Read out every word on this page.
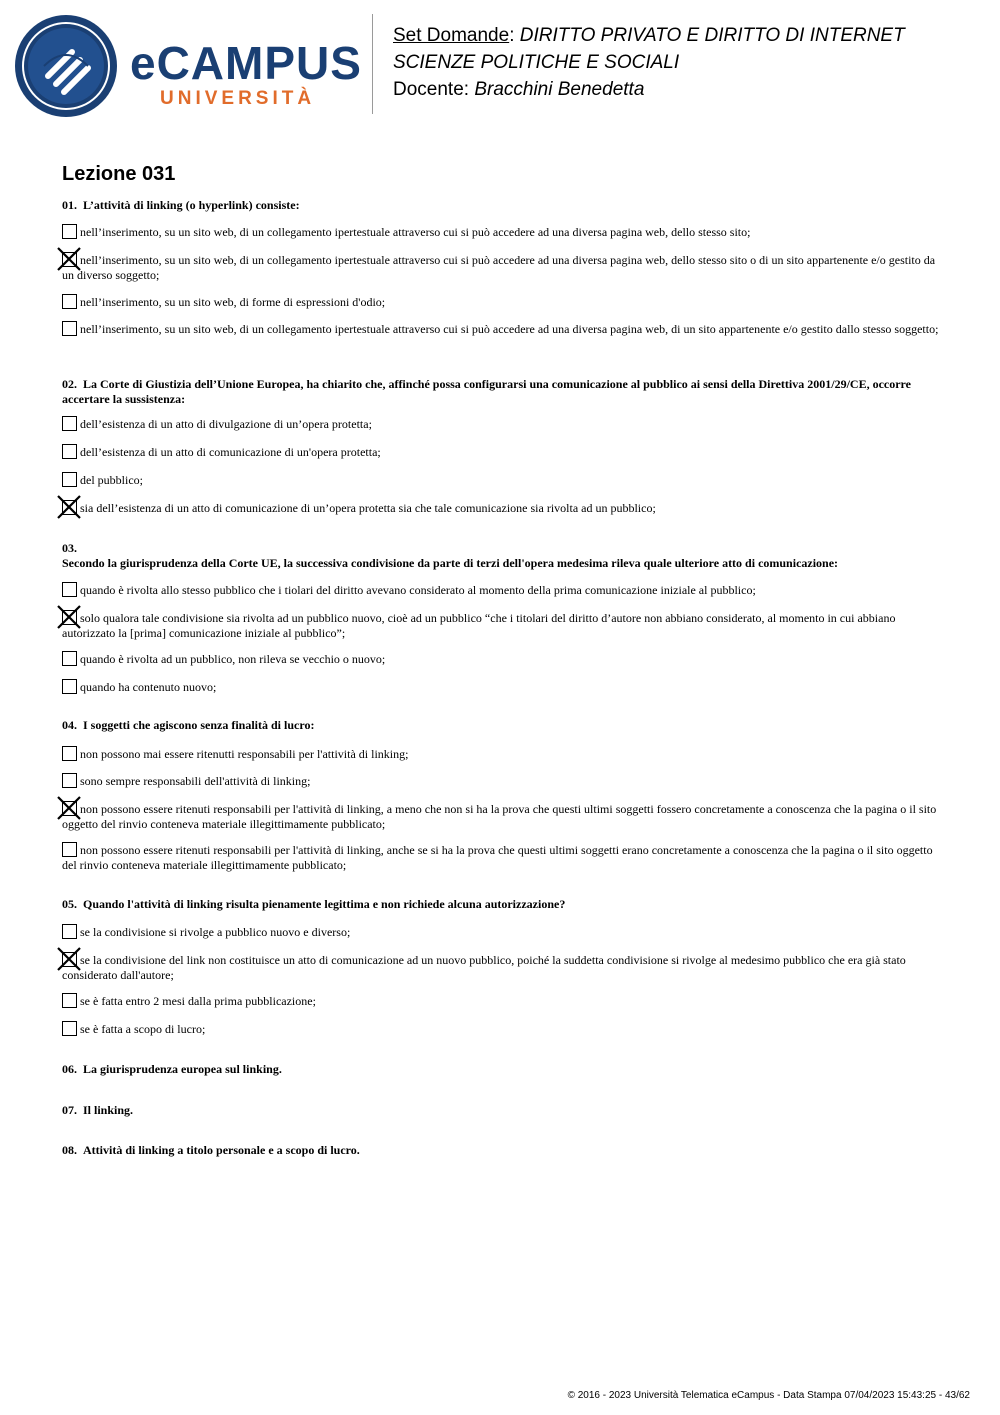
eCAMPUS
UNIVERSITÀ
Set Domande: DIRITTO PRIVATO E DIRITTO DI INTERNET
SCIENZE POLITICHE E SOCIALI
Docente: Bracchini Benedetta
Lezione 031
01. L’attività di linking (o hyperlink) consiste:
nell’inserimento, su un sito web, di un collegamento ipertestuale attraverso cui si può accedere ad una diversa pagina web, dello stesso sito;
nell’inserimento, su un sito web, di un collegamento ipertestuale attraverso cui si può accedere ad una diversa pagina web, dello stesso sito o di un sito appartenente e/o gestito da un diverso soggetto;
nell’inserimento, su un sito web, di forme di espressioni d'odio;
nell’inserimento, su un sito web, di un collegamento ipertestuale attraverso cui si può accedere ad una diversa pagina web, di un sito appartenente e/o gestito dallo stesso soggetto;
02. La Corte di Giustizia dell’Unione Europea, ha chiarito che, affinché possa configurarsi una comunicazione al pubblico ai sensi della Direttiva 2001/29/CE, occorre accertare la sussistenza:
dell’esistenza di un atto di divulgazione di un’opera protetta;
dell’esistenza di un atto di comunicazione di un'opera protetta;
del pubblico;
sia dell’esistenza di un atto di comunicazione di un’opera protetta sia che tale comunicazione sia rivolta ad un pubblico;
03.
Secondo la giurisprudenza della Corte UE, la successiva condivisione da parte di terzi dell'opera medesima rileva quale ulteriore atto di comunicazione:
quando è rivolta allo stesso pubblico che i tiolari del diritto avevano considerato al momento della prima comunicazione iniziale al pubblico;
solo qualora tale condivisione sia rivolta ad un pubblico nuovo, cioè ad un pubblico “che i titolari del diritto d’autore non abbiano considerato, al momento in cui abbiano autorizzato la [prima] comunicazione iniziale al pubblico”;
quando è rivolta ad un pubblico, non rileva se vecchio o nuovo;
quando ha contenuto nuovo;
04. I soggetti che agiscono senza finalità di lucro:
non possono mai essere ritenutti responsabili per l'attività di linking;
sono sempre responsabili dell'attività di linking;
non possono essere ritenuti responsabili per l'attività di linking, a meno che non si ha la prova che questi ultimi soggetti fossero concretamente a conoscenza che la pagina o il sito oggetto del rinvio conteneva materiale illegittimamente pubblicato;
non possono essere ritenuti responsabili per l'attività di linking, anche se si ha la prova che questi ultimi soggetti erano concretamente a conoscenza che la pagina o il sito oggetto del rinvio conteneva materiale illegittimamente pubblicato;
05. Quando l'attività di linking risulta pienamente legittima e non richiede alcuna autorizzazione?
se la condivisione si rivolge a pubblico nuovo e diverso;
se la condivisione del link non costituisce un atto di comunicazione ad un nuovo pubblico, poiché la suddetta condivisione si rivolge al medesimo pubblico che era già stato considerato dall'autore;
se è fatta entro 2 mesi dalla prima pubblicazione;
se è fatta a scopo di lucro;
06. La giurisprudenza europea sul linking.
07. Il linking.
08. Attività di linking a titolo personale e a scopo di lucro.
© 2016 - 2023 Università Telematica eCampus - Data Stampa 07/04/2023 15:43:25 - 43/62
